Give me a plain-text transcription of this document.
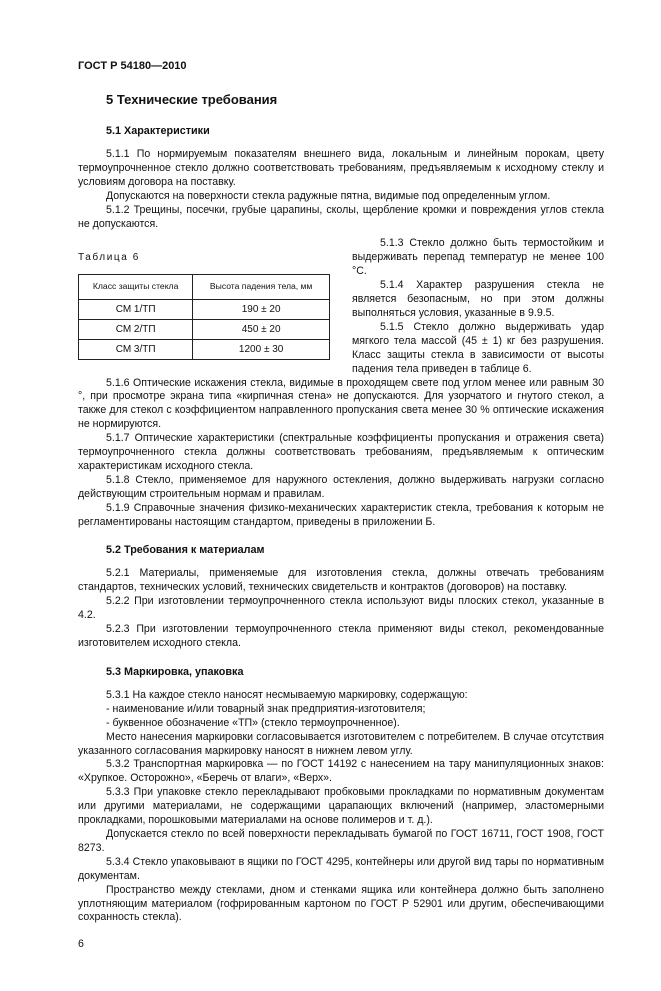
ГОСТ Р 54180—2010
5 Технические требования
5.1 Характеристики

5.1.1 По нормируемым показателям внешнего вида, локальным и линейным порокам, цвету термоупрочненное стекло должно соответствовать требованиям, предъявляемым к исходному стеклу и условиям договора на поставку.

Допускаются на поверхности стекла радужные пятна, видимые под определенным углом.

5.1.2 Трещины, посечки, грубые царапины, сколы, щербление кромки и повреждения углов стекла не допускаются.

Таблица 6
Класс защиты стекла	Высота падения тела, мм
СМ 1/ТП	190 ± 20
СМ 2/ТП	450 ± 20
СМ 3/ТП	1200 ± 30

5.1.3 Стекло должно быть термостойким и выдерживать перепад температур не менее 100 °С.

5.1.4 Характер разрушения стекла не является безопасным, но при этом должны выполняться условия, указанные в 9.9.5.

5.1.5 Стекло должно выдерживать удар мягкого тела массой (45 ± 1) кг без разрушения. Класс защиты стекла в зависимости от высоты падения тела приведен в таблице 6.

5.1.6 Оптические искажения стекла, видимые в проходящем свете под углом менее или равным 30 °, при просмотре экрана типа «кирпичная стена» не допускаются. Для узорчатого и гнутого стекол, а также для стекол с коэффициентом направленного пропускания света менее 30 % оптические искажения не нормируются.

5.1.7 Оптические характеристики (спектральные коэффициенты пропускания и отражения света) термоупрочненного стекла должны соответствовать требованиям, предъявляемым к оптическим характеристикам исходного стекла.

5.1.8 Стекло, применяемое для наружного остекления, должно выдерживать нагрузки согласно действующим строительным нормам и правилам.

5.1.9 Справочные значения физико-механических характеристик стекла, требования к которым не регламентированы настоящим стандартом, приведены в приложении Б.

5.2 Требования к материалам

5.2.1 Материалы, применяемые для изготовления стекла, должны отвечать требованиям стандартов, технических условий, технических свидетельств и контрактов (договоров) на поставку.

5.2.2 При изготовлении термоупрочненного стекла используют виды плоских стекол, указанные в 4.2.

5.2.3 При изготовлении термоупрочненного стекла применяют виды стекол, рекомендованные изготовителем исходного стекла.

5.3 Маркировка, упаковка

5.3.1 На каждое стекло наносят несмываемую маркировку, содержащую:

- наименование и/или товарный знак предприятия-изготовителя;

- буквенное обозначение «ТП» (стекло термоупрочненное).

Место нанесения маркировки согласовывается изготовителем с потребителем. В случае отсутствия указанного согласования маркировку наносят в нижнем левом углу.

5.3.2 Транспортная маркировка — по ГОСТ 14192 с нанесением на тару манипуляционных знаков: «Хрупкое. Осторожно», «Беречь от влаги», «Верх».

5.3.3 При упаковке стекло перекладывают пробковыми прокладками по нормативным документам или другими материалами, не содержащими царапающих включений (например, эластомерными прокладками, порошковыми материалами на основе полимеров и т. д.).

Допускается стекло по всей поверхности перекладывать бумагой по ГОСТ 16711, ГОСТ 1908, ГОСТ 8273.

5.3.4 Стекло упаковывают в ящики по ГОСТ 4295, контейнеры или другой вид тары по нормативным документам.

Пространство между стеклами, дном и стенками ящика или контейнера должно быть заполнено уплотняющим материалом (гофрированным картоном по ГОСТ Р 52901 или другим, обеспечивающими сохранность стекла).

6
